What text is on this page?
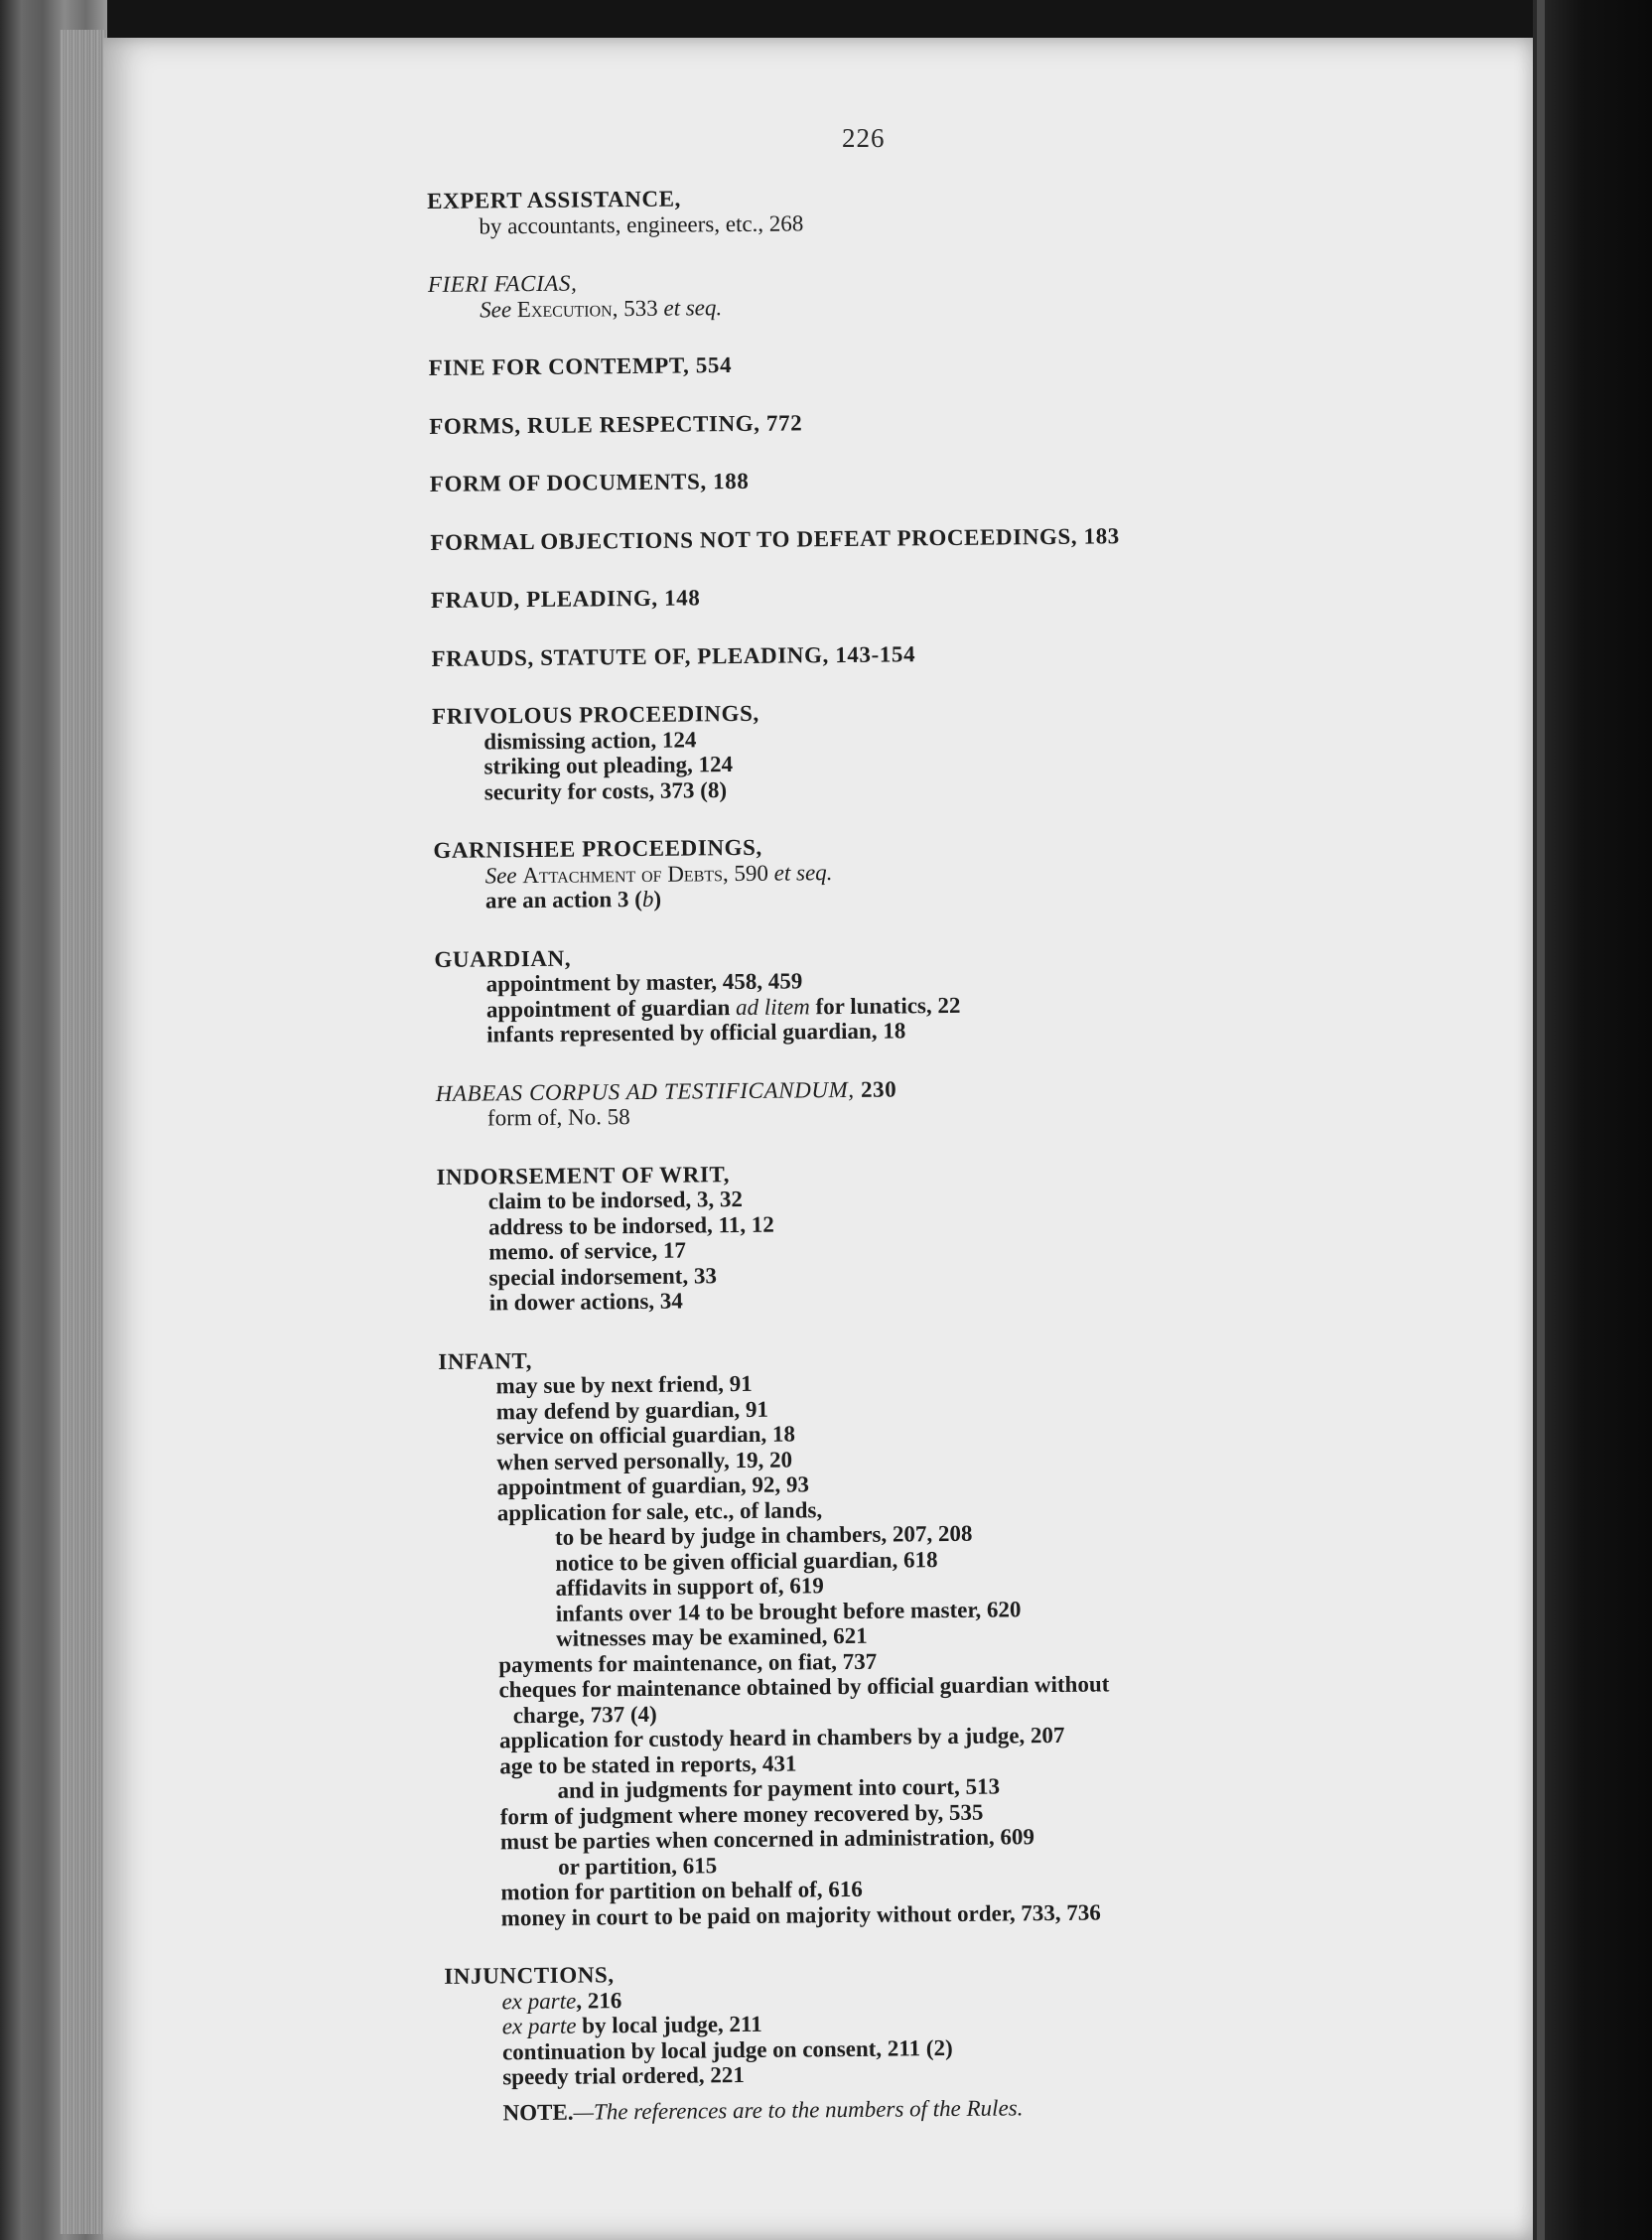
226
EXPERT ASSISTANCE,
by accountants, engineers, etc., 268
FIERI FACIAS,
See Execution, 533 et seq.
FINE FOR CONTEMPT, 554
FORMS, RULE RESPECTING, 772
FORM OF DOCUMENTS, 188
FORMAL OBJECTIONS NOT TO DEFEAT PROCEEDINGS, 183
FRAUD, PLEADING, 148
FRAUDS, STATUTE OF, PLEADING, 143-154
FRIVOLOUS PROCEEDINGS,
dismissing action, 124
striking out pleading, 124
security for costs, 373 (8)
GARNISHEE PROCEEDINGS,
See Attachment of Debts, 590 et seq.
are an action 3 (b)
GUARDIAN,
appointment by master, 458, 459
appointment of guardian ad litem for lunatics, 22
infants represented by official guardian, 18
HABEAS CORPUS AD TESTIFICANDUM, 230
form of, No. 58
INDORSEMENT OF WRIT,
claim to be indorsed, 3, 32
address to be indorsed, 11, 12
memo. of service, 17
special indorsement, 33
in dower actions, 34
INFANT,
may sue by next friend, 91
may defend by guardian, 91
service on official guardian, 18
when served personally, 19, 20
appointment of guardian, 92, 93
application for sale, etc., of lands,
to be heard by judge in chambers, 207, 208
notice to be given official guardian, 618
affidavits in support of, 619
infants over 14 to be brought before master, 620
witnesses may be examined, 621
payments for maintenance, on fiat, 737
cheques for maintenance obtained by official guardian without
charge, 737 (4)
application for custody heard in chambers by a judge, 207
age to be stated in reports, 431
and in judgments for payment into court, 513
form of judgment where money recovered by, 535
must be parties when concerned in administration, 609
or partition, 615
motion for partition on behalf of, 616
money in court to be paid on majority without order, 733, 736
INJUNCTIONS,
ex parte, 216
ex parte by local judge, 211
continuation by local judge on consent, 211 (2)
speedy trial ordered, 221
NOTE.—The references are to the numbers of the Rules.
